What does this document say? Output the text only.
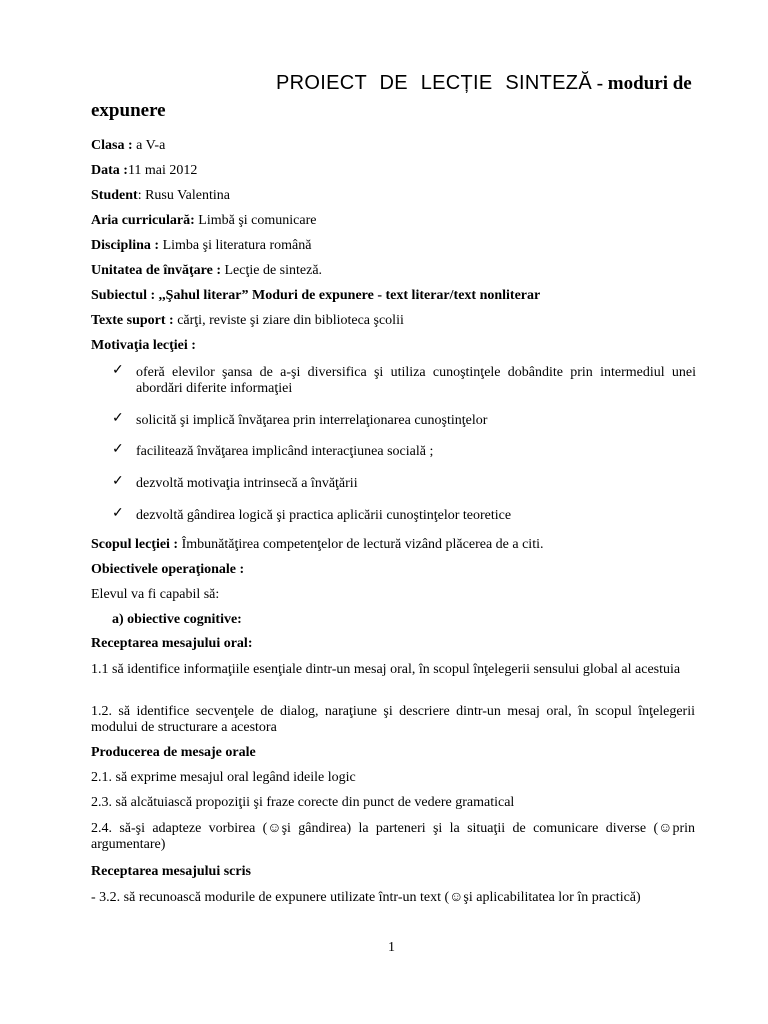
PROIECT DE LECȚIE SINTEZĂ - moduri de
expunere
Clasa : a V-a
Data :11 mai 2012
Student: Rusu Valentina
Aria curriculară: Limbă şi comunicare
Disciplina : Limba şi literatura română
Unitatea de învăţare : Lecţie de sinteză.
Subiectul : ,,Şahul literar” Moduri de expunere - text literar/text nonliterar
Texte suport : cărţi, reviste şi ziare din biblioteca şcolii
Motivaţia lecţiei :
✓ oferă elevilor şansa de a-şi diversifica şi utiliza cunoştinţele dobândite prin intermediul unei abordări diferite informaţiei
✓ solicită şi implică învăţarea prin interrelaţionarea cunoştinţelor
✓ facilitează învăţarea implicând interacţiunea socială ;
✓ dezvoltă motivaţia intrinsecă a învăţării
✓ dezvoltă gândirea logică şi practica aplicării cunoştinţelor teoretice
Scopul lecţiei : Îmbunătăţirea competenţelor de lectură vizând plăcerea de a citi.
Obiectivele operaţionale :
Elevul va fi capabil să:
a) obiective cognitive:
Receptarea mesajului oral:
1.1 să identifice informaţiile esenţiale dintr-un mesaj oral, în scopul înţelegerii sensului global al acestuia
1.2. să identifice secvenţele de dialog, naraţiune şi descriere dintr-un mesaj oral, în scopul înţelegerii modului de structurare a acestora
Producerea de mesaje orale
2.1. să exprime mesajul oral legând ideile logic
2.3. să alcătuiască propoziţii şi fraze corecte din punct de vedere gramatical
2.4. să-şi adapteze vorbirea (☺şi gândirea) la parteneri şi la situaţii de comunicare diverse (☺prin argumentare)
Receptarea mesajului scris
- 3.2. să recunoască modurile de expunere utilizate într-un text (☺şi aplicabilitatea lor în practică)
1
